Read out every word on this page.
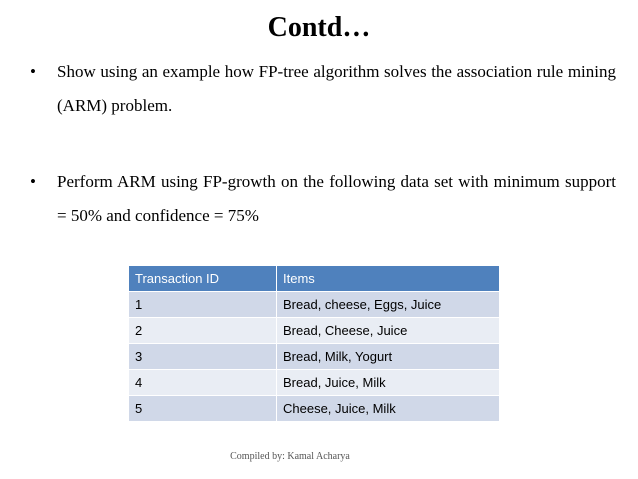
Contd…
• Show using an example how FP-tree algorithm solves the association rule mining (ARM) problem.
• Perform ARM using FP-growth on the following data set with minimum support = 50% and confidence = 75%
Transaction ID	Items
1	Bread, cheese, Eggs, Juice
2	Bread, Cheese, Juice
3	Bread, Milk, Yogurt
4	Bread, Juice, Milk
5	Cheese, Juice, Milk
Compiled by: Kamal Acharya
